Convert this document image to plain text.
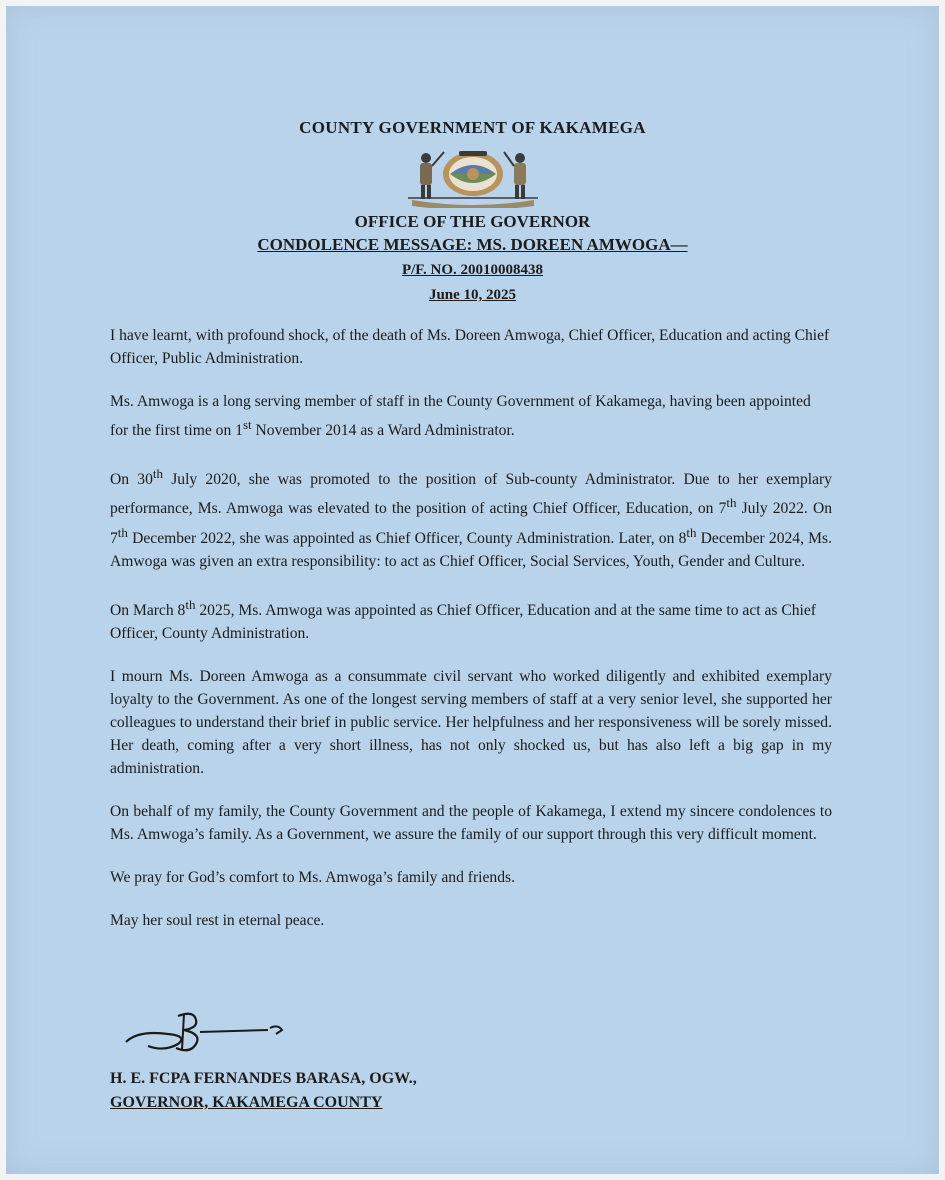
COUNTY GOVERNMENT OF KAKAMEGA
OFFICE OF THE GOVERNOR
CONDOLENCE MESSAGE: MS. DOREEN AMWOGA—
P/F. NO. 20010008438
June 10, 2025

I have learnt, with profound shock, of the death of Ms. Doreen Amwoga, Chief Officer, Education and acting Chief Officer, Public Administration.

Ms. Amwoga is a long serving member of staff in the County Government of Kakamega, having been appointed for the first time on 1st November 2014 as a Ward Administrator.

On 30th July 2020, she was promoted to the position of Sub-county Administrator. Due to her exemplary performance, Ms. Amwoga was elevated to the position of acting Chief Officer, Education, on 7th July 2022. On 7th December 2022, she was appointed as Chief Officer, County Administration. Later, on 8th December 2024, Ms. Amwoga was given an extra responsibility: to act as Chief Officer, Social Services, Youth, Gender and Culture.

On March 8th 2025, Ms. Amwoga was appointed as Chief Officer, Education and at the same time to act as Chief Officer, County Administration.

I mourn Ms. Doreen Amwoga as a consummate civil servant who worked diligently and exhibited exemplary loyalty to the Government. As one of the longest serving members of staff at a very senior level, she supported her colleagues to understand their brief in public service. Her helpfulness and her responsiveness will be sorely missed. Her death, coming after a very short illness, has not only shocked us, but has also left a big gap in my administration.

On behalf of my family, the County Government and the people of Kakamega, I extend my sincere condolences to Ms. Amwoga’s family. As a Government, we assure the family of our support through this very difficult moment.

We pray for God’s comfort to Ms. Amwoga’s family and friends.

May her soul rest in eternal peace.

H. E. FCPA FERNANDES BARASA, OGW.,
GOVERNOR, KAKAMEGA COUNTY
